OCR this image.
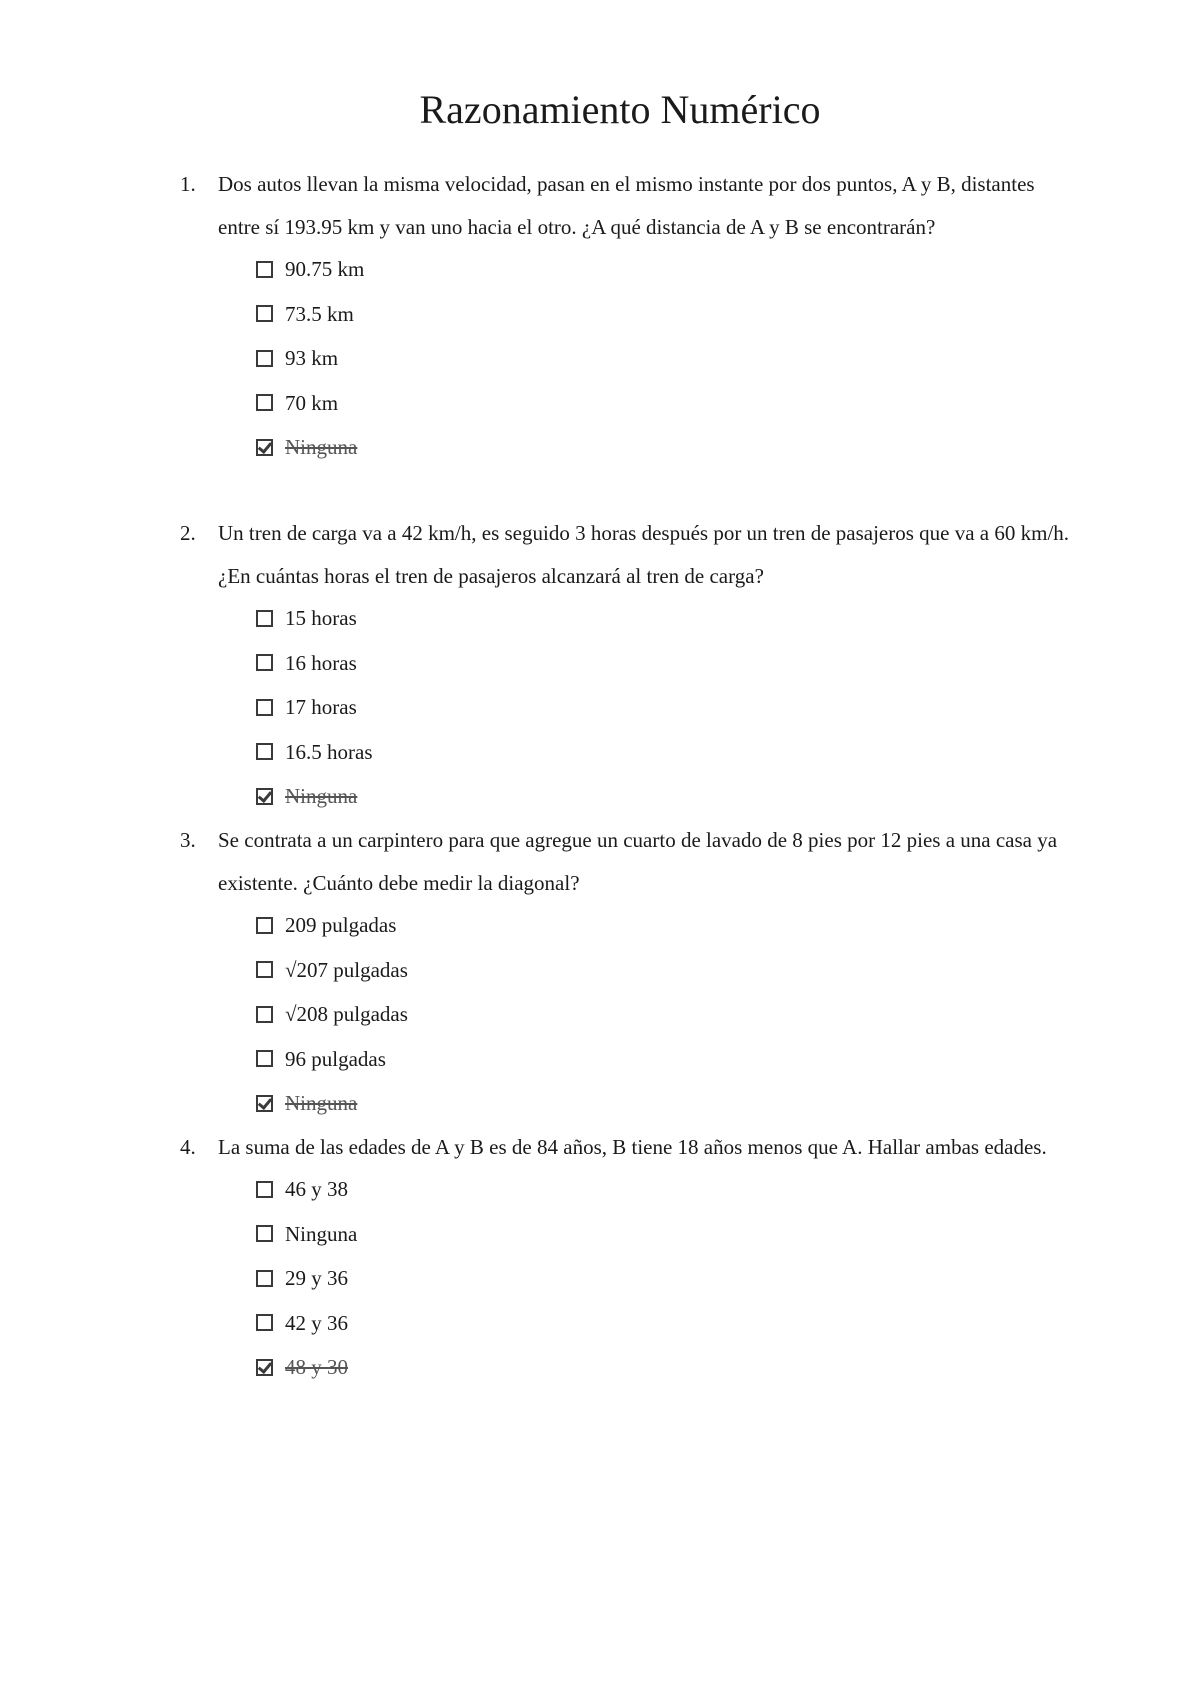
Razonamiento Numérico
1. Dos autos llevan la misma velocidad, pasan en el mismo instante por dos puntos, A y B, distantes entre sí 193.95 km y van uno hacia el otro. ¿A qué distancia de A y B se encontrarán?
90.75 km
73.5 km
93 km
70 km
Ninguna
2. Un tren de carga va a 42 km/h, es seguido 3 horas después por un tren de pasajeros que va a 60 km/h. ¿En cuántas horas el tren de pasajeros alcanzará al tren de carga?
15 horas
16 horas
17 horas
16.5 horas
Ninguna
3. Se contrata a un carpintero para que agregue un cuarto de lavado de 8 pies por 12 pies a una casa ya existente. ¿Cuánto debe medir la diagonal?
209 pulgadas
√207 pulgadas
√208 pulgadas
96 pulgadas
Ninguna
4. La suma de las edades de A y B es de 84 años, B tiene 18 años menos que A. Hallar ambas edades.
46 y 38
Ninguna
29 y 36
42 y 36
48 y 30
